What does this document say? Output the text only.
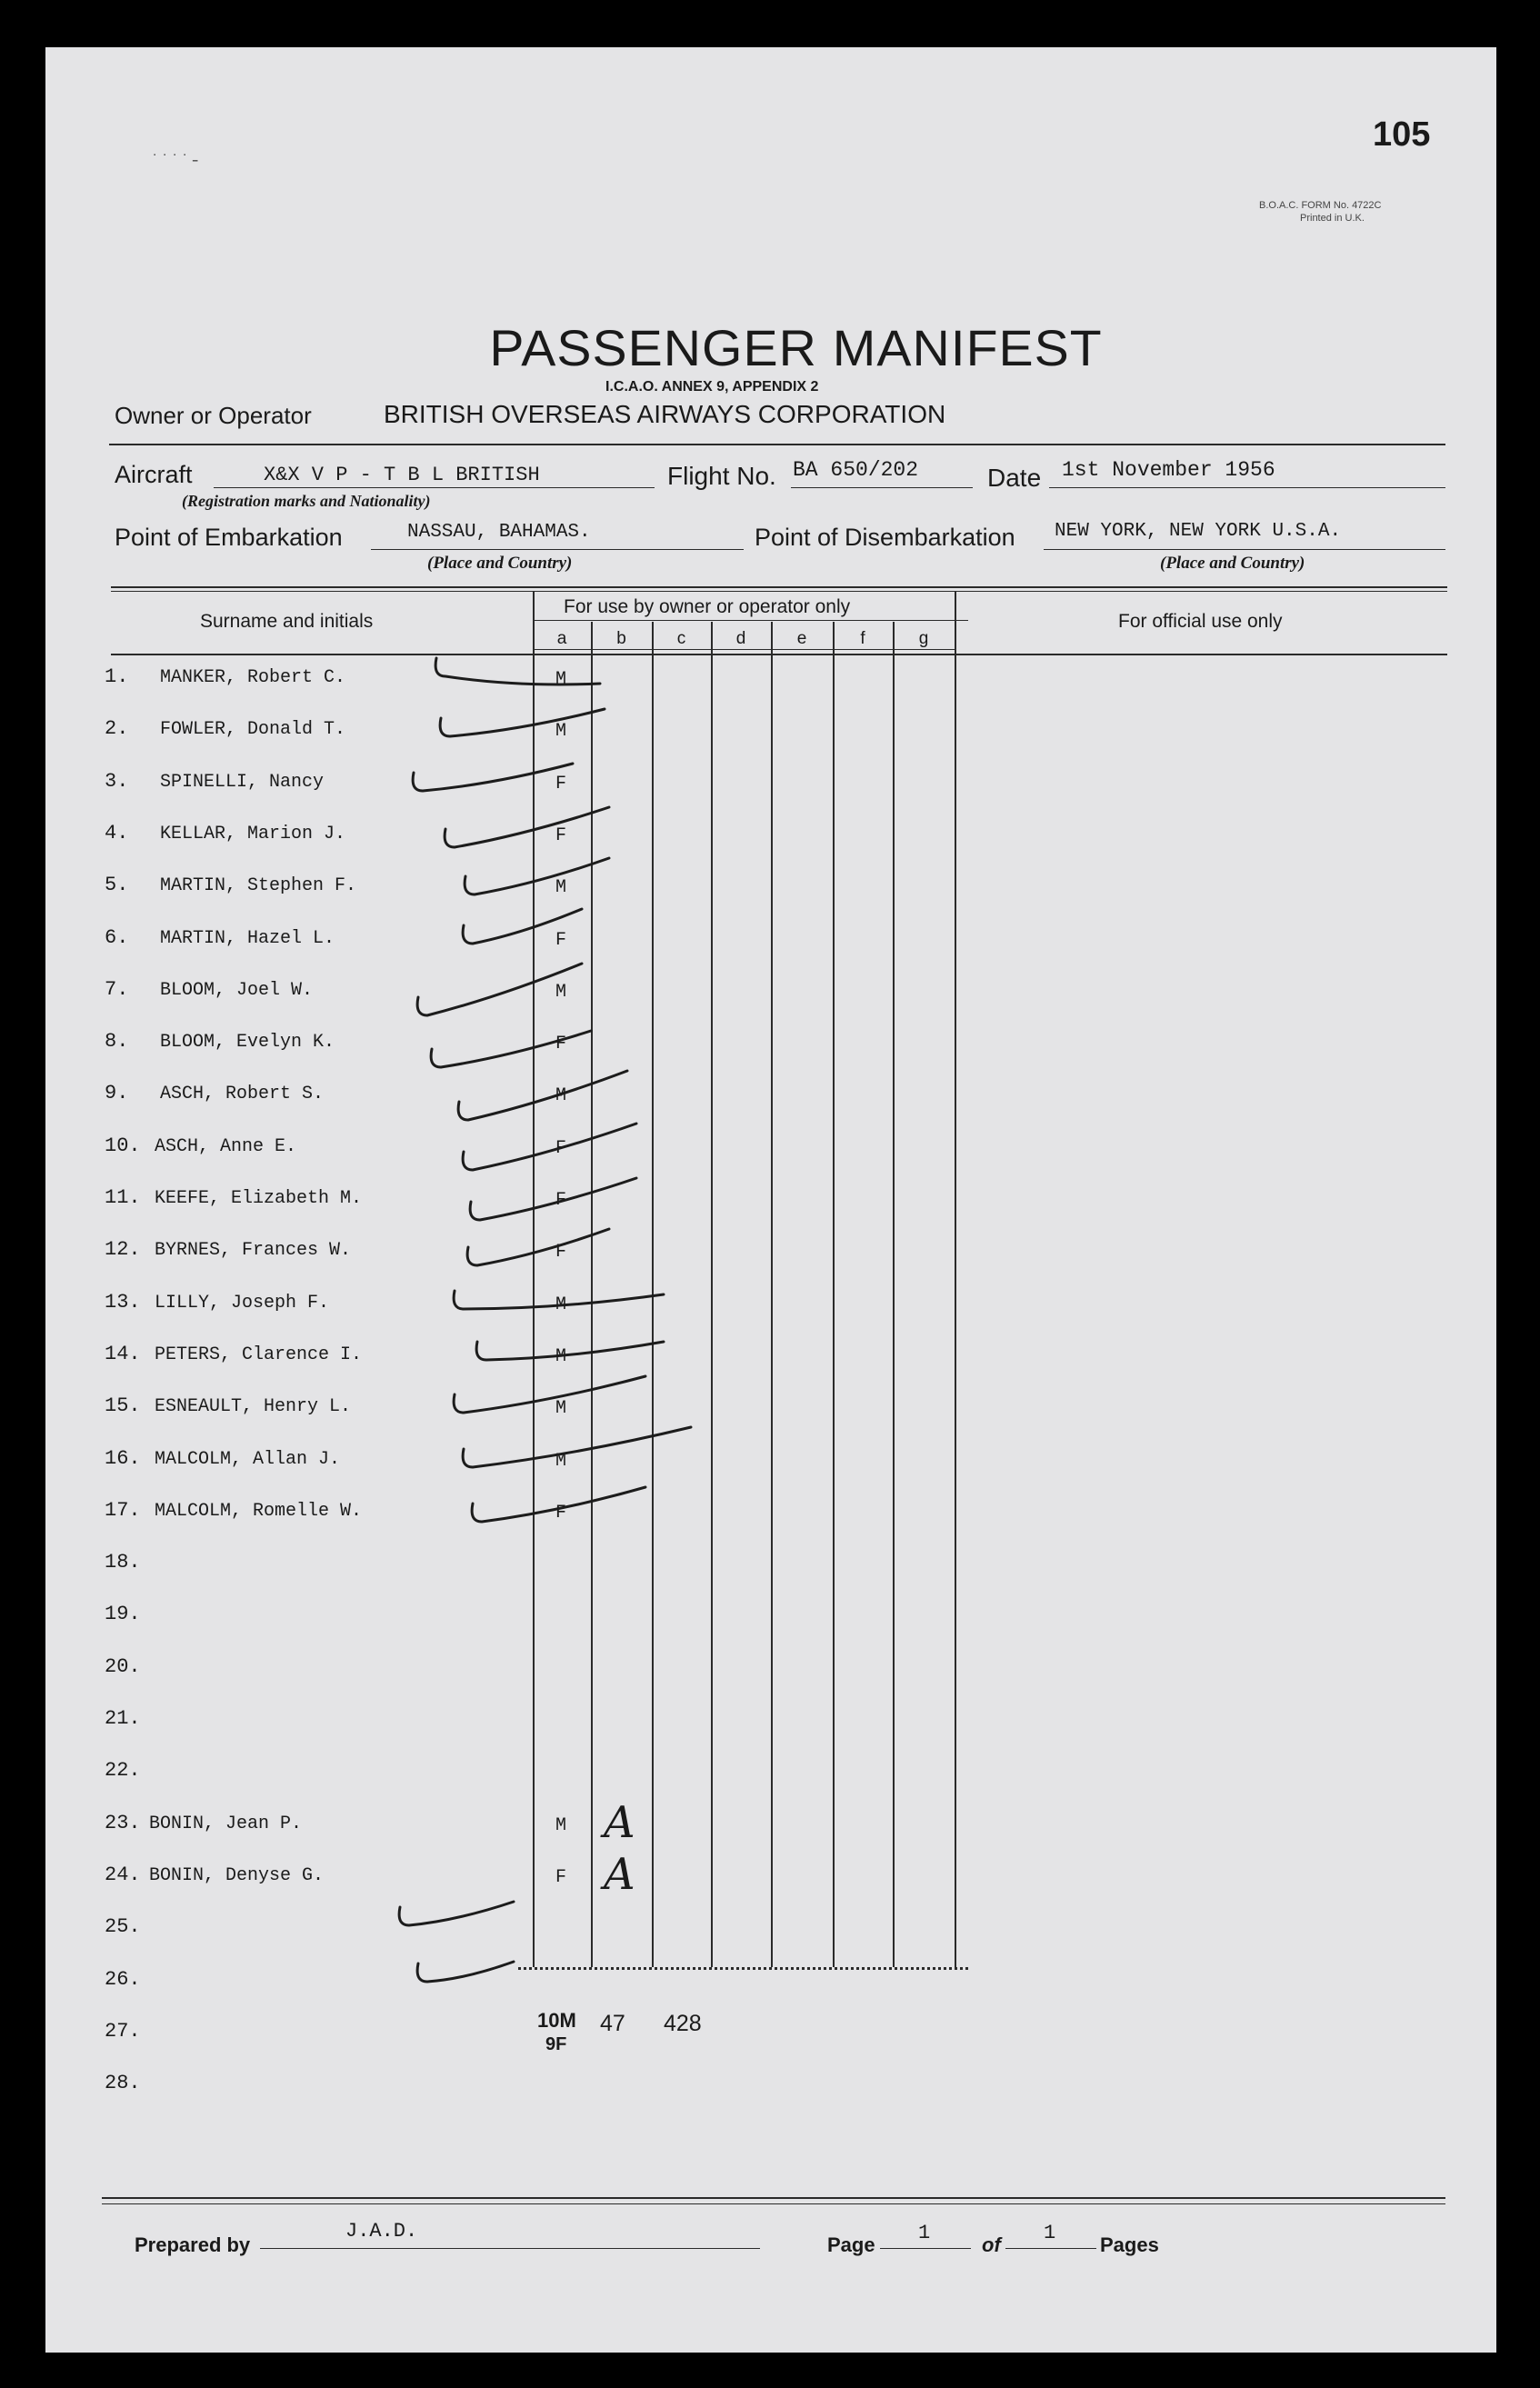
˙ ˙ ˙ ˙ ╴
105
B.O.A.C. FORM No. 4722C
Printed in U.K.
PASSENGER MANIFEST
I.C.A.O. ANNEX 9, APPENDIX 2
Owner or Operator	BRITISH OVERSEAS AIRWAYS CORPORATION
Aircraft	X&X V P - T B L BRITISH
(Registration marks and Nationality)
Flight No. BA 650/202	Date 1st November 1956
Point of Embarkation	NASSAU, BAHAMAS.
(Place and Country)
Point of Disembarkation NEW YORK, NEW YORK U.S.A.
(Place and Country)
Surname and initials
For use by owner or operator only
For official use only
a	b	c	d	e	f	g
1. MANKER, Robert C.	M
2. FOWLER, Donald T.	M
3. SPINELLI, Nancy	F
4. KELLAR, Marion J.	F
5. MARTIN, Stephen F.	M
6. MARTIN, Hazel L.	F
7. BLOOM, Joel W.	M
8. BLOOM, Evelyn K.	F
9. ASCH, Robert S.	M
10. ASCH, Anne E.	F
11. KEEFE, Elizabeth M.	F
12. BYRNES, Frances W.	F
13. LILLY, Joseph F.	M
14. PETERS, Clarence I.	M
15. ESNEAULT, Henry L.	M
16. MALCOLM, Allan J.	M
17. MALCOLM, Romelle W.	F
18.
19.
20.
21.
22.
23. BONIN, Jean P.	M A
24. BONIN, Denyse G.	F A
25.
26.
27.
28.
10M
9F
47 428
Prepared by
J.A.D.
Page
1
of
1
Pages
